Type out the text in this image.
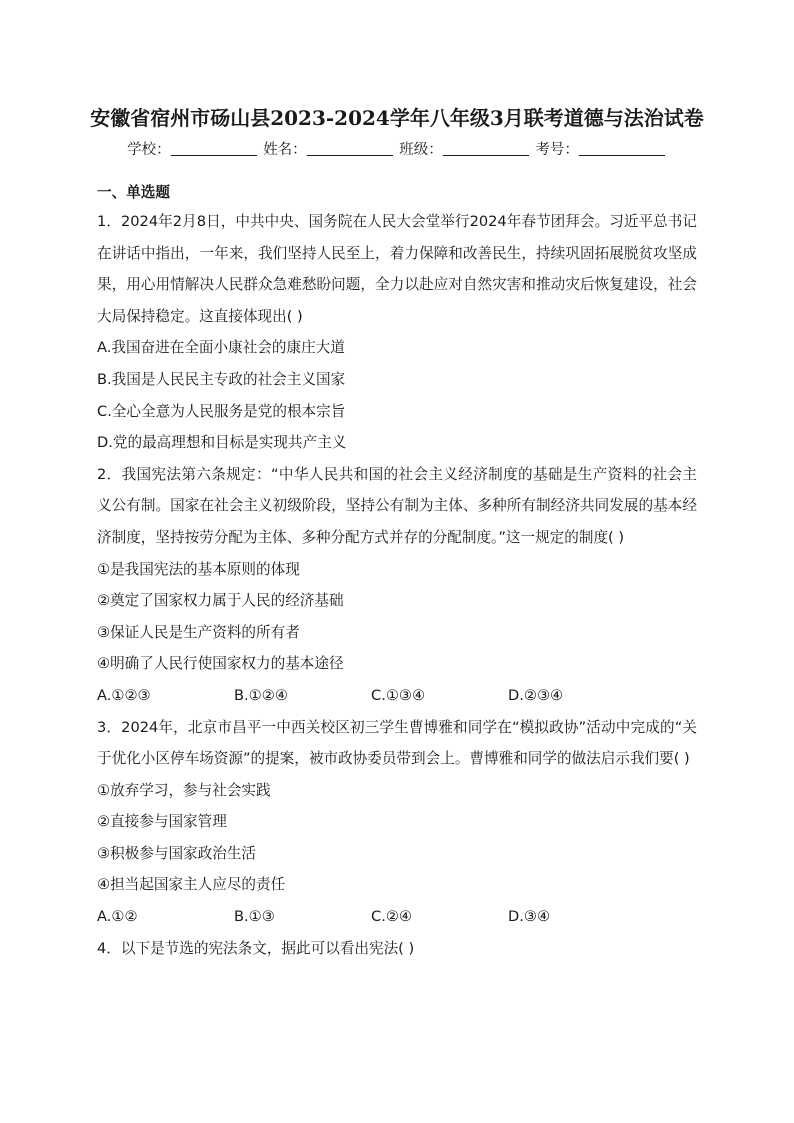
安徽省宿州市砀山县2023-2024学年八年级3月联考道德与法治试卷
学校：	姓名：	班级：	考号：
一、单选题
1．2024年2月8日，中共中央、国务院在人民大会堂举行2024年春节团拜会。习近平总书记在讲话中指出，一年来，我们坚持人民至上，着力保障和改善民生，持续巩固拓展脱贫攻坚成果，用心用情解决人民群众急难愁盼问题，全力以赴应对自然灾害和推动灾后恢复建设，社会大局保持稳定。这直接体现出( )
A.我国奋进在全面小康社会的康庄大道
B.我国是人民民主专政的社会主义国家
C.全心全意为人民服务是党的根本宗旨
D.党的最高理想和目标是实现共产主义
2．我国宪法第六条规定：“中华人民共和国的社会主义经济制度的基础是生产资料的社会主义公有制。国家在社会主义初级阶段，坚持公有制为主体、多种所有制经济共同发展的基本经济制度，坚持按劳分配为主体、多种分配方式并存的分配制度。”这一规定的制度( )
①是我国宪法的基本原则的体现
②奠定了国家权力属于人民的经济基础
③保证人民是生产资料的所有者
④明确了人民行使国家权力的基本途径
A.①②③	B.①②④	C.①③④	D.②③④
3．2024年，北京市昌平一中西关校区初三学生曹博雅和同学在“模拟政协”活动中完成的“关于优化小区停车场资源”的提案，被市政协委员带到会上。曹博雅和同学的做法启示我们要( )
①放弃学习，参与社会实践
②直接参与国家管理
③积极参与国家政治生活
④担当起国家主人应尽的责任
A.①②	B.①③	C.②④	D.③④
4．以下是节选的宪法条文，据此可以看出宪法( )
